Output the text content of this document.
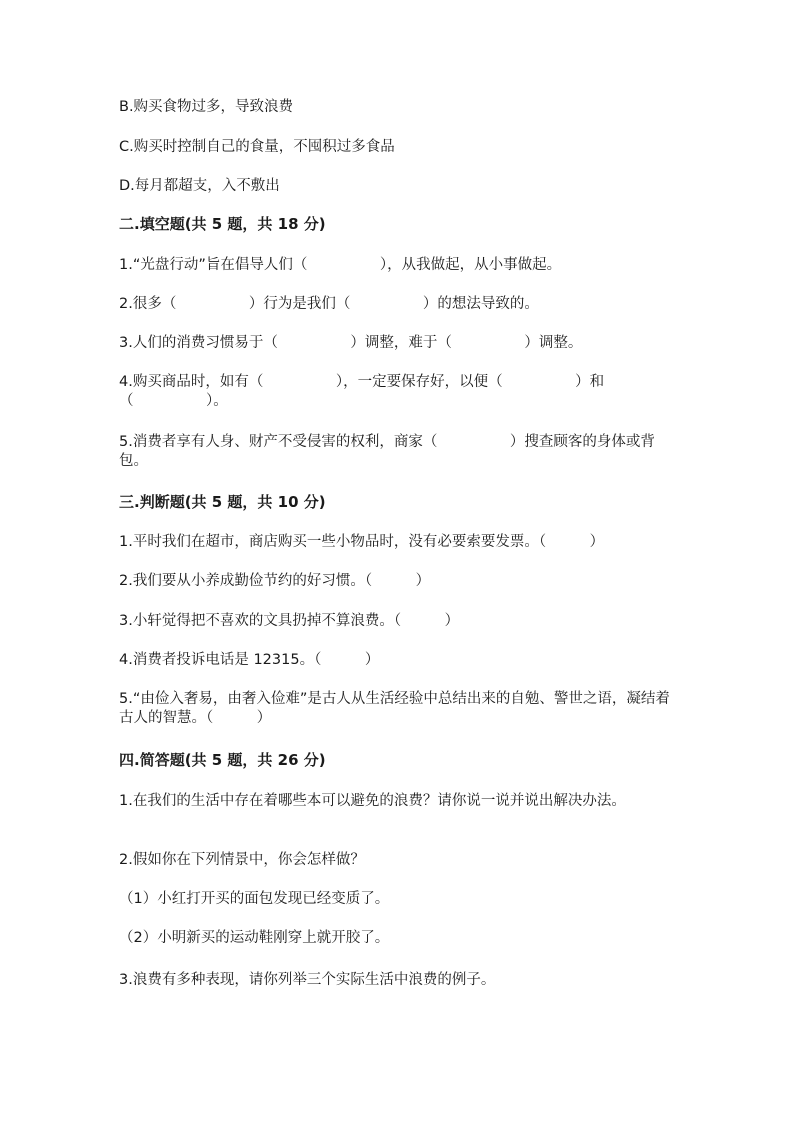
B.购买食物过多，导致浪费
C.购买时控制自己的食量，不囤积过多食品
D.每月都超支，入不敷出
二.填空题(共 5 题，共 18 分)
1.“光盘行动”旨在倡导人们（　　　　　），从我做起，从小事做起。
2.很多（　　　　　）行为是我们（　　　　　）的想法导致的。
3.人们的消费习惯易于（　　　　　）调整，难于（　　　　　）调整。
4.购买商品时，如有（　　　　　），一定要保存好，以便（　　　　　）和（　　　　　）。
5.消费者享有人身、财产不受侵害的权利，商家（　　　　　）搜查顾客的身体或背包。
三.判断题(共 5 题，共 10 分)
1.平时我们在超市，商店购买一些小物品时，没有必要索要发票。（　　　）
2.我们要从小养成勤俭节约的好习惯。（　　　）
3.小轩觉得把不喜欢的文具扔掉不算浪费。（　　　）
4.消费者投诉电话是 12315。（　　　）
5.“由俭入奢易，由奢入俭难”是古人从生活经验中总结出来的自勉、警世之语，凝结着古人的智慧。（　　　）
四.简答题(共 5 题，共 26 分)
1.在我们的生活中存在着哪些本可以避免的浪费？请你说一说并说出解决办法。
2.假如你在下列情景中，你会怎样做？
（1）小红打开买的面包发现已经变质了。
（2）小明新买的运动鞋刚穿上就开胶了。
3.浪费有多种表现，请你列举三个实际生活中浪费的例子。
